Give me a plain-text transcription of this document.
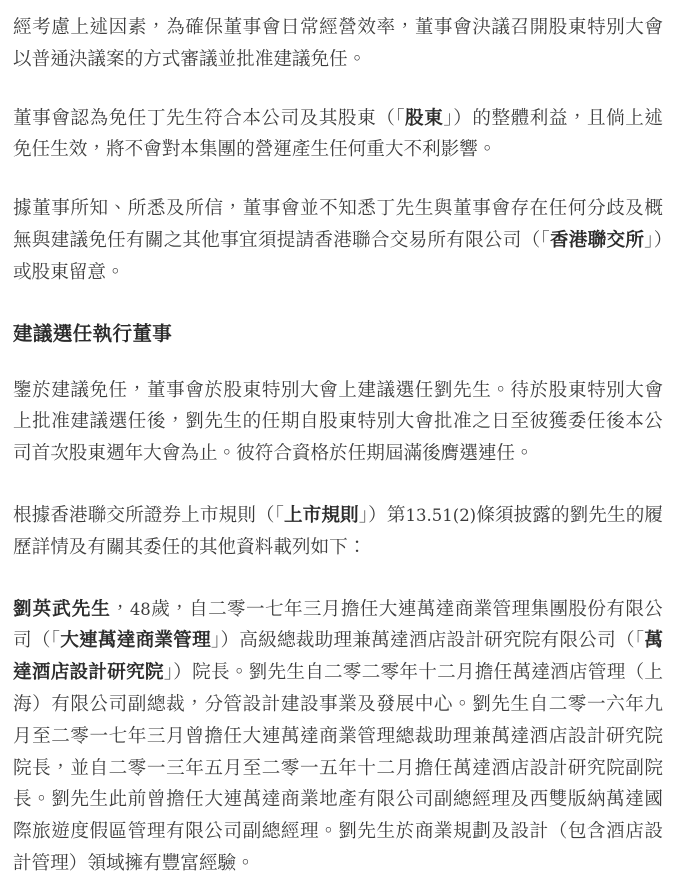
經考慮上述因素，為確保董事會日常經營效率，董事會決議召開股東特別大會以普通決議案的方式審議並批准建議免任。

董事會認為免任丁先生符合本公司及其股東（「股東」）的整體利益，且倘上述免任生效，將不會對本集團的營運產生任何重大不利影響。

據董事所知、所悉及所信，董事會並不知悉丁先生與董事會存在任何分歧及概無與建議免任有關之其他事宜須提請香港聯合交易所有限公司（「香港聯交所」）或股東留意。

建議選任執行董事

鑒於建議免任，董事會於股東特別大會上建議選任劉先生。待於股東特別大會上批准建議選任後，劉先生的任期自股東特別大會批准之日至彼獲委任後本公司首次股東週年大會為止。彼符合資格於任期屆滿後膺選連任。

根據香港聯交所證券上市規則（「上市規則」）第13.51(2)條須披露的劉先生的履歷詳情及有關其委任的其他資料載列如下：

劉英武先生，48歲，自二零一七年三月擔任大連萬達商業管理集團股份有限公司（「大連萬達商業管理」）高級總裁助理兼萬達酒店設計研究院有限公司（「萬達酒店設計研究院」）院長。劉先生自二零二零年十二月擔任萬達酒店管理（上海）有限公司副總裁，分管設計建設事業及發展中心。劉先生自二零一六年九月至二零一七年三月曾擔任大連萬達商業管理總裁助理兼萬達酒店設計研究院院長，並自二零一三年五月至二零一五年十二月擔任萬達酒店設計研究院副院長。劉先生此前曾擔任大連萬達商業地產有限公司副總經理及西雙版納萬達國際旅遊度假區管理有限公司副總經理。劉先生於商業規劃及設計（包含酒店設計管理）領域擁有豐富經驗。
